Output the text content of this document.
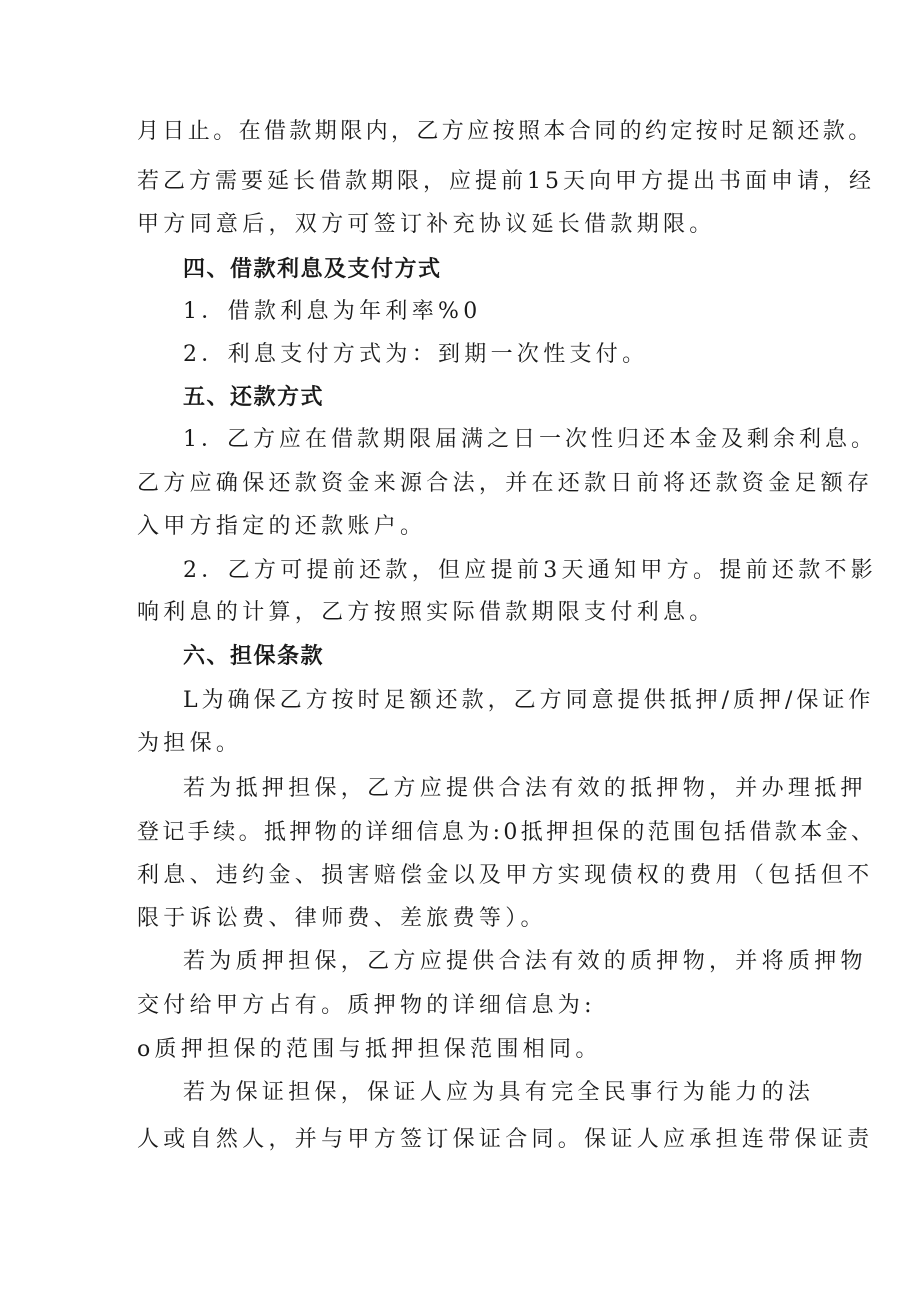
月日止。在借款期限内，乙方应按照本合同的约定按时足额还款。
若乙方需要延长借款期限，应提前15天向甲方提出书面申请，经
甲方同意后，双方可签订补充协议延长借款期限。
四、借款利息及支付方式
1．借款利息为年利率%0
2．利息支付方式为：到期一次性支付。
五、还款方式
1．乙方应在借款期限届满之日一次性归还本金及剩余利息。
乙方应确保还款资金来源合法，并在还款日前将还款资金足额存
入甲方指定的还款账户。
2．乙方可提前还款，但应提前3天通知甲方。提前还款不影
响利息的计算，乙方按照实际借款期限支付利息。
六、担保条款
L为确保乙方按时足额还款，乙方同意提供抵押/质押/保证作
为担保。
若为抵押担保，乙方应提供合法有效的抵押物，并办理抵押
登记手续。抵押物的详细信息为:0抵押担保的范围包括借款本金、
利息、违约金、损害赔偿金以及甲方实现债权的费用（包括但不
限于诉讼费、律师费、差旅费等）。
若为质押担保，乙方应提供合法有效的质押物，并将质押物
交付给甲方占有。质押物的详细信息为:
o质押担保的范围与抵押担保范围相同。
若为保证担保，保证人应为具有完全民事行为能力的法
人或自然人，并与甲方签订保证合同。保证人应承担连带保证责
